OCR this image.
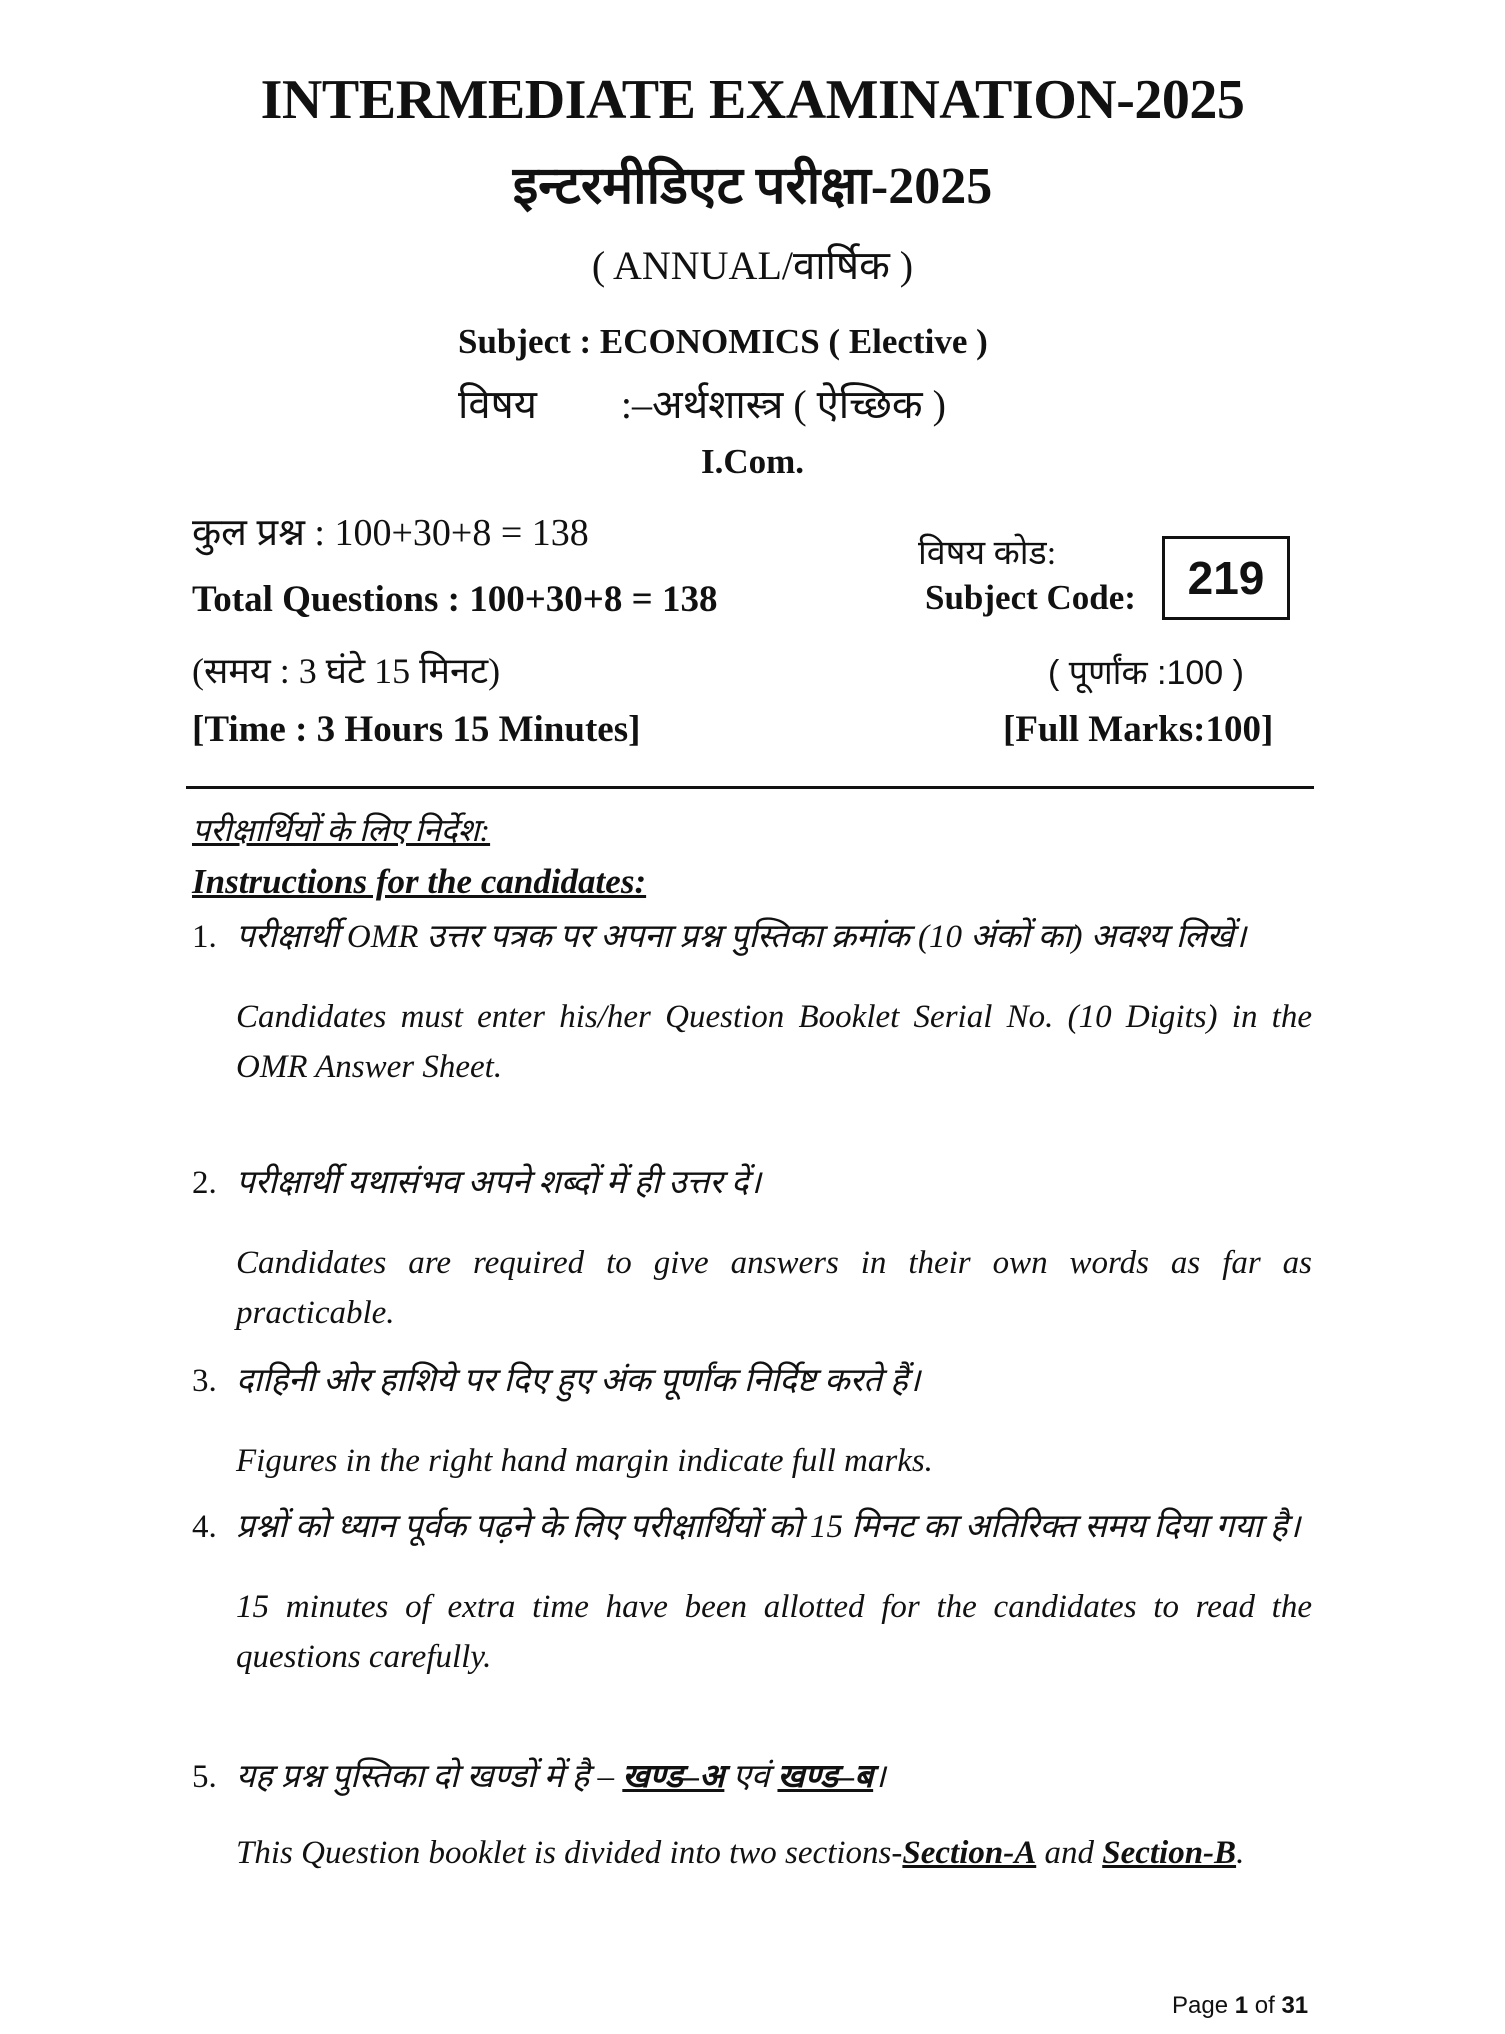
INTERMEDIATE EXAMINATION-2025
इन्टरमीडिएट परीक्षा-2025
( ANNUAL/वार्षिक )
Subject : ECONOMICS ( Elective )
विषय :–अर्थशास्त्र ( ऐच्छिक )
I.Com.
कुल प्रश्न : 100+30+8 = 138
Total Questions : 100+30+8 = 138
(समय : 3 घंटे 15 मिनट)
[Time : 3 Hours 15 Minutes]
विषय कोड:
Subject Code:	219
( पूर्णांक :100 )
[Full Marks:100]
परीक्षार्थियों के लिए निर्देश:
Instructions for the candidates:
1. परीक्षार्थी OMR उत्तर पत्रक पर अपना प्रश्न पुस्तिका क्रमांक (10 अंकों का) अवश्य लिखें।
Candidates must enter his/her Question Booklet Serial No. (10 Digits) in the OMR Answer Sheet.
2. परीक्षार्थी यथासंभव अपने शब्दों में ही उत्तर दें।
Candidates are required to give answers in their own words as far as practicable.
3. दाहिनी ओर हाशिये पर दिए हुए अंक पूर्णांक निर्दिष्ट करते हैं।
Figures in the right hand margin indicate full marks.
4. प्रश्नों को ध्यान पूर्वक पढ़ने के लिए परीक्षार्थियों को 15 मिनट का अतिरिक्त समय दिया गया है।
15 minutes of extra time have been allotted for the candidates to read the questions carefully.
5. यह प्रश्न पुस्तिका दो खण्डों में है – खण्ड–अ एवं खण्ड–ब।
This Question booklet is divided into two sections-Section-A and Section-B.
Page 1 of 31
